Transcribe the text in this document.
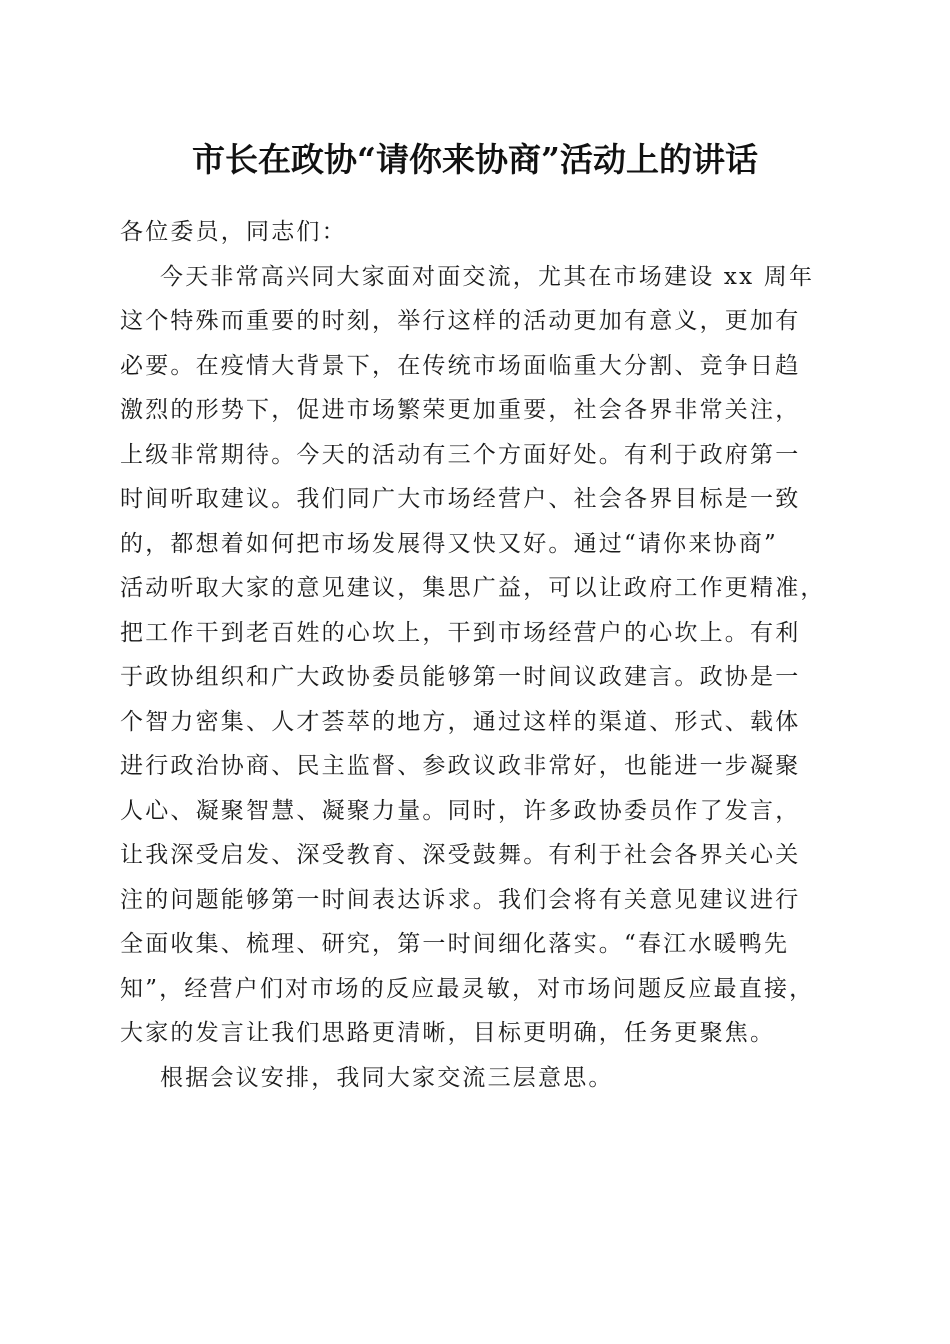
市长在政协“请你来协商”活动上的讲话

各位委员，同志们：

今天非常高兴同大家面对面交流，尤其在市场建设 xx 周年
这个特殊而重要的时刻，举行这样的活动更加有意义，更加有
必要。在疫情大背景下，在传统市场面临重大分割、竞争日趋
激烈的形势下，促进市场繁荣更加重要，社会各界非常关注，
上级非常期待。今天的活动有三个方面好处。有利于政府第一
时间听取建议。我们同广大市场经营户、社会各界目标是一致
的，都想着如何把市场发展得又快又好。通过“请你来协商”
活动听取大家的意见建议，集思广益，可以让政府工作更精准，
把工作干到老百姓的心坎上，干到市场经营户的心坎上。有利
于政协组织和广大政协委员能够第一时间议政建言。政协是一
个智力密集、人才荟萃的地方，通过这样的渠道、形式、载体
进行政治协商、民主监督、参政议政非常好，也能进一步凝聚
人心、凝聚智慧、凝聚力量。同时，许多政协委员作了发言，
让我深受启发、深受教育、深受鼓舞。有利于社会各界关心关
注的问题能够第一时间表达诉求。我们会将有关意见建议进行
全面收集、梳理、研究，第一时间细化落实。“春江水暖鸭先
知”，经营户们对市场的反应最灵敏，对市场问题反应最直接，
大家的发言让我们思路更清晰，目标更明确，任务更聚焦。

根据会议安排，我同大家交流三层意思。
